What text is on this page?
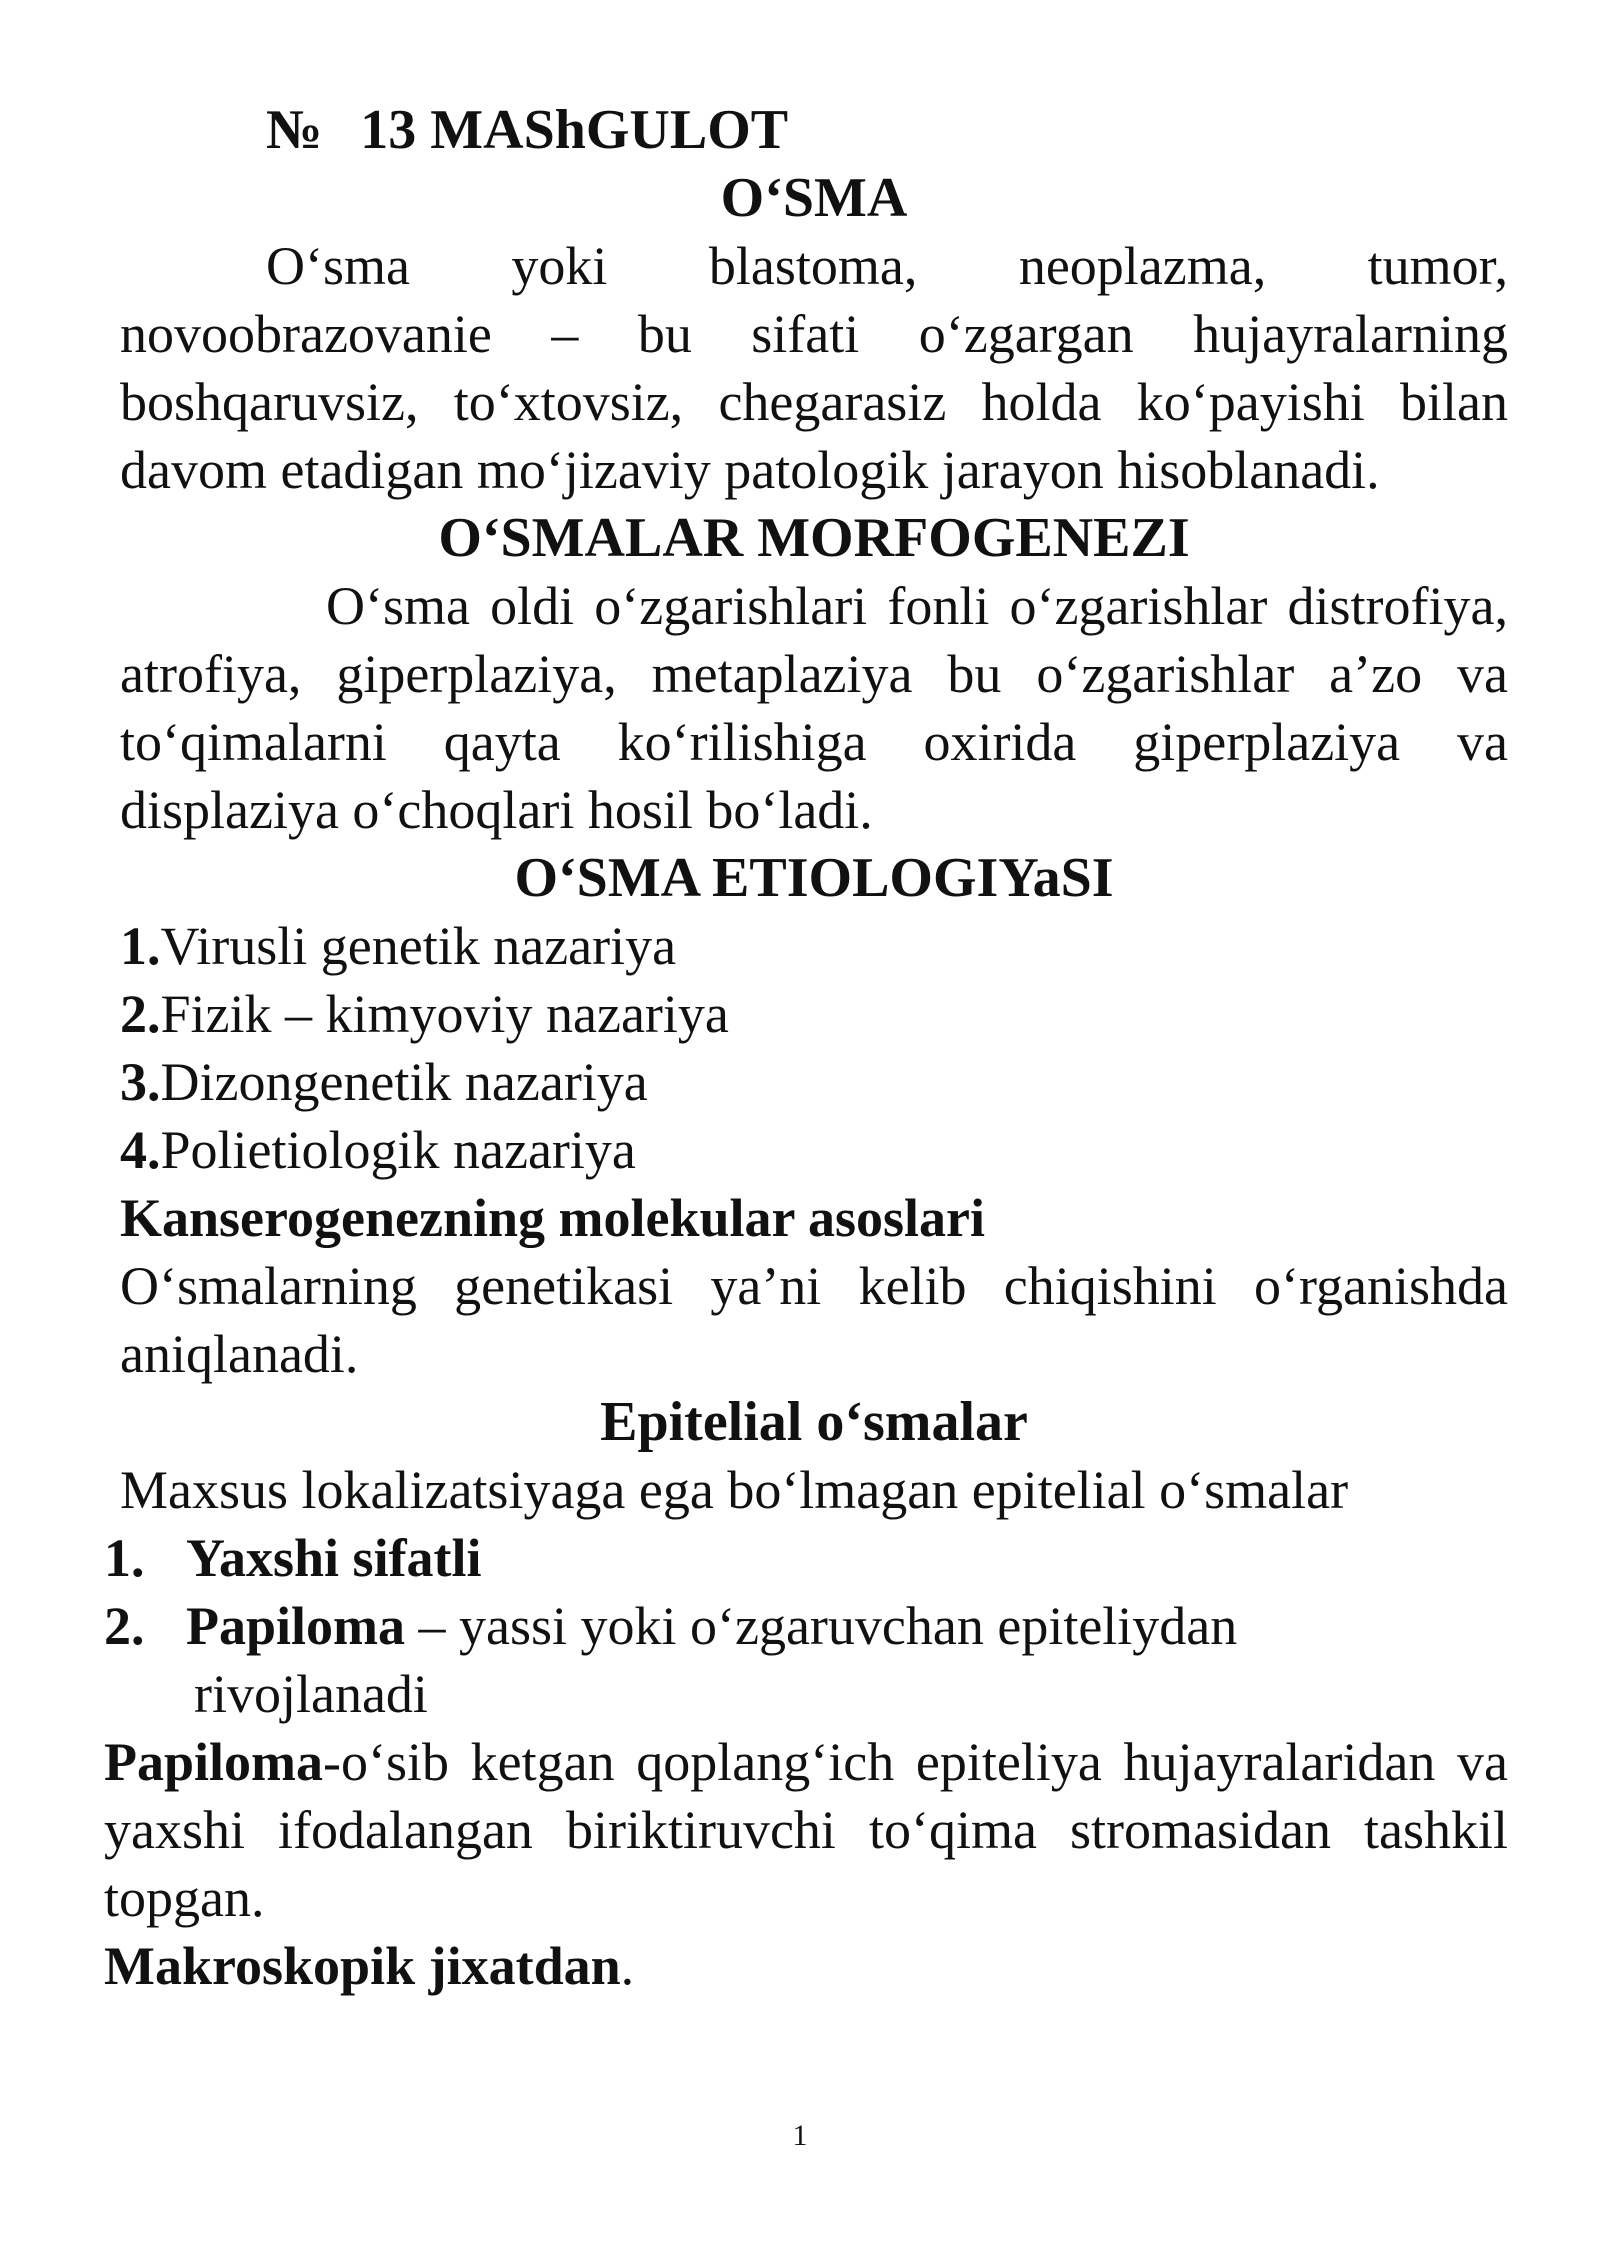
№ 13 MAShGULOT

O‘SMA

O‘sma yoki blastoma, neoplazma, tumor, novoobrazovanie – bu sifati o‘zgargan hujayralarning boshqaruvsiz, to‘xtovsiz, chegarasiz holda ko‘payishi bilan davom etadigan mo‘jizaviy patologik jarayon hisoblanadi.

O‘SMALAR MORFOGENEZI

O‘sma oldi o‘zgarishlari fonli o‘zgarishlar distrofiya, atrofiya, giperplaziya, metaplaziya bu o‘zgarishlar a’zo va to‘qimalarni qayta ko‘rilishiga oxirida giperplaziya va displaziya o‘choqlari hosil bo‘ladi.

O‘SMA ETIOLOGIYaSI
1. Virusli genetik nazariya
2. Fizik – kimyoviy nazariya
3. Dizongenetik nazariya
4. Polietiologik nazariya

Kanserogenezning molekular asoslari

O‘smalarning genetikasi ya’ni kelib chiqishini o‘rganishda aniqlanadi.

Epitelial o‘smalar

Maxsus lokalizatsiyaga ega bo‘lmagan epitelial o‘smalar

1. Yaxshi sifatli
2. Papiloma – yassi yoki o‘zgaruvchan epiteliydan
rivojlanadi

Papiloma-o‘sib ketgan qoplang‘ich epiteliya hujayralaridan va yaxshi ifodalangan biriktiruvchi to‘qima stromasidan tashkil topgan.

Makroskopik jixatdan.

1
